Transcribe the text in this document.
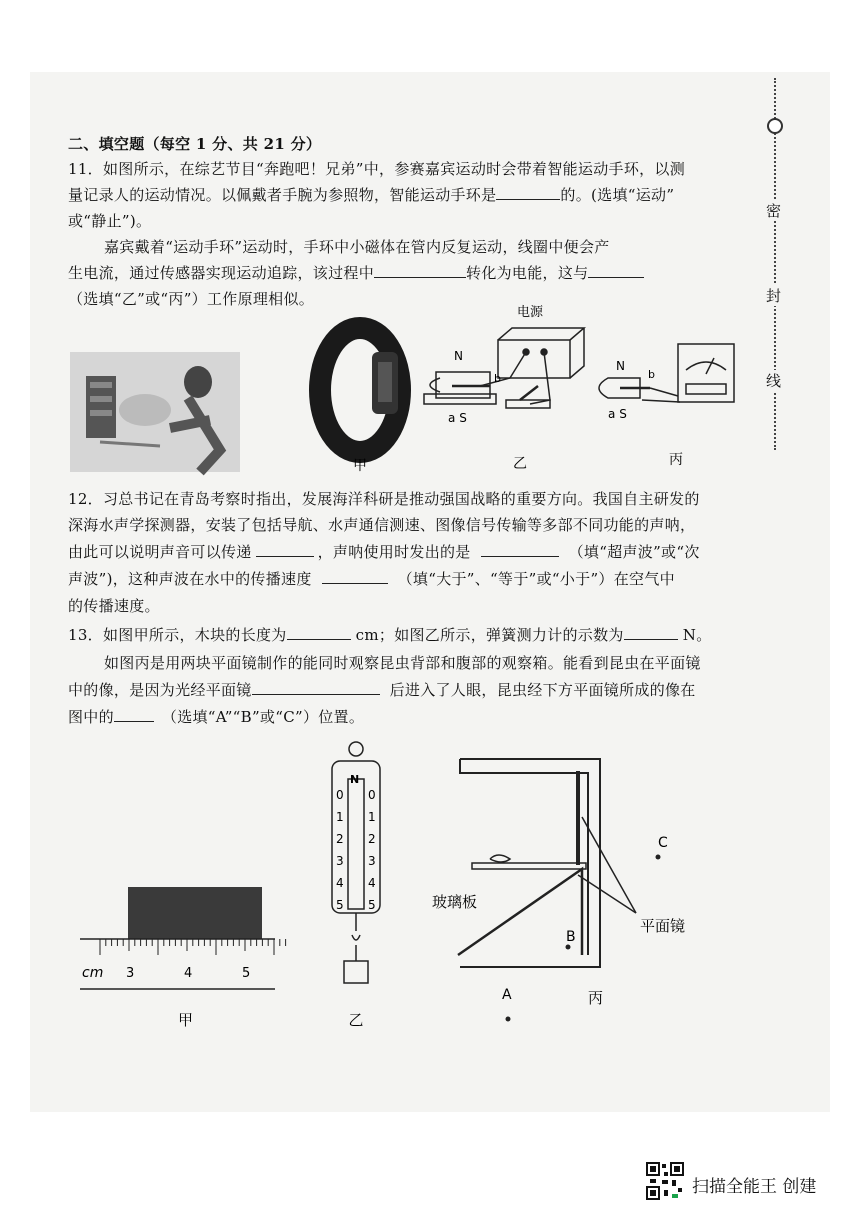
密
封
线
二、填空题（每空 1 分、共 21 分）
11．如图所示，在综艺节目“奔跑吧！兄弟”中，参赛嘉宾运动时会带着智能运动手环，以测
量记录人的运动情况。以佩戴者手腕为参照物，智能运动手环是	的。(选填“运动”
或“静止”)。
嘉宾戴着“运动手环”运动时，手环中小磁体在管内反复运动，线圈中便会产
生电流，通过传感器实现运动追踪，该过程中	转化为电能，这与
（选填“乙”或“丙”）工作原理相似。
甲
电源
N
a S
b
乙
N
a S
b
丙
12．习总书记在青岛考察时指出，发展海洋科研是推动强国战略的重要方向。我国自主研发的
深海水声学探测器，安装了包括导航、水声通信测速、图像信号传输等多部不同功能的声呐，
由此可以说明声音可以传递	，声呐使用时发出的是	（填“超声波”或“次
声波”)，这种声波在水中的传播速度	（填“大于”、“等于”或“小于”）在空气中
的传播速度。
13．如图甲所示，木块的长度为	cm；如图乙所示，弹簧测力计的示数为	N。
如图丙是用两块平面镜制作的能同时观察昆虫背部和腹部的观察箱。能看到昆虫在平面镜
中的像，是因为光经平面镜	后进入了人眼，昆虫经下方平面镜所成的像在
图中的	（选填“A”“B”或“C”）位置。
cm 3	4	5
甲
N
0
1
2
3
4
5
0
1
2
3
4
5
乙
玻璃板
平面镜
C
B
A	丙
扫描全能王 创建
